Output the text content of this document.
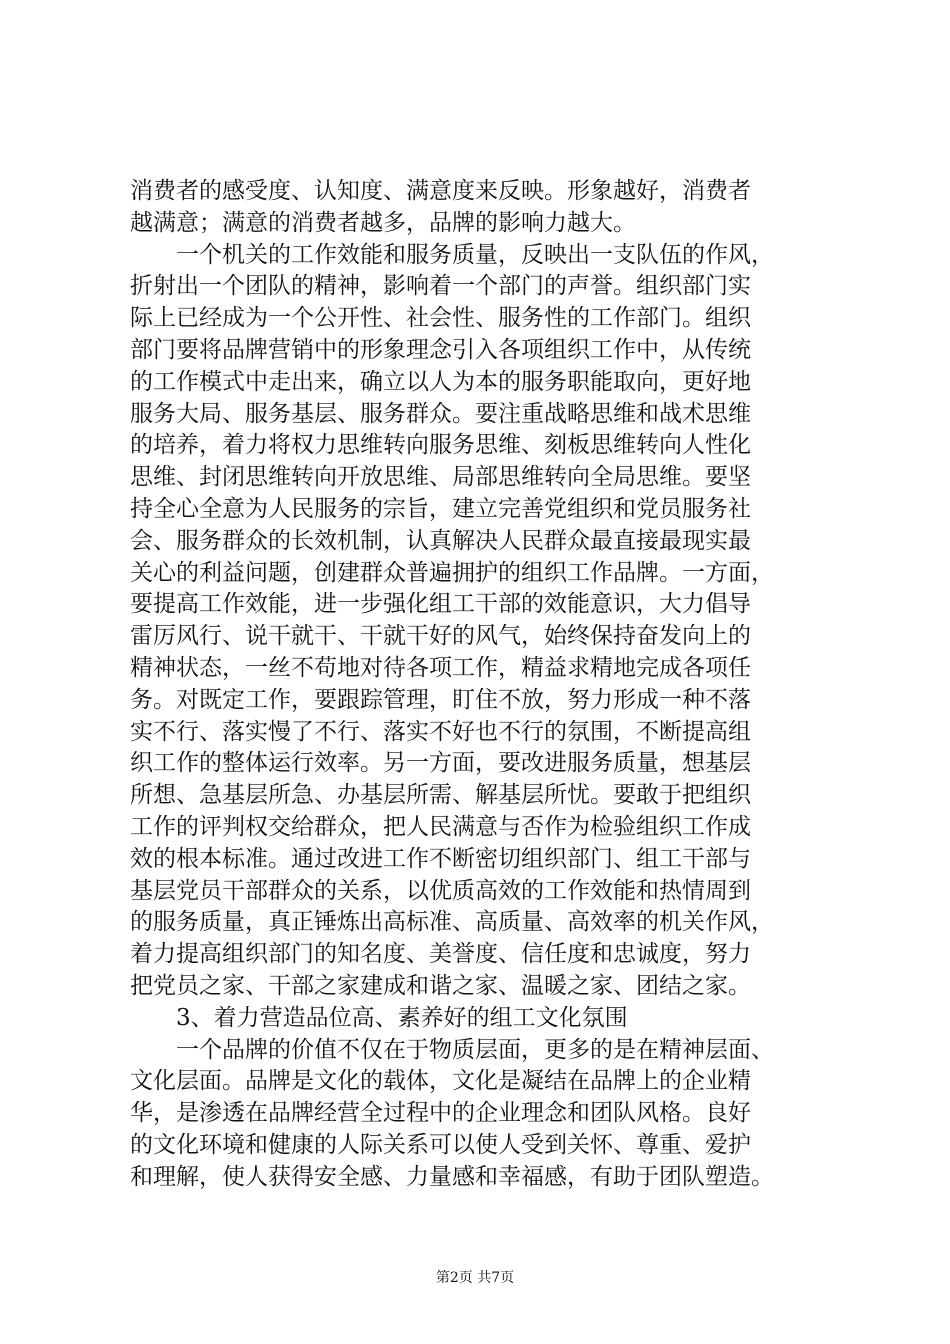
消费者的感受度、认知度、满意度来反映。形象越好，消费者
越满意；满意的消费者越多，品牌的影响力越大。
　　一个机关的工作效能和服务质量，反映出一支队伍的作风，
折射出一个团队的精神，影响着一个部门的声誉。组织部门实
际上已经成为一个公开性、社会性、服务性的工作部门。组织
部门要将品牌营销中的形象理念引入各项组织工作中，从传统
的工作模式中走出来，确立以人为本的服务职能取向，更好地
服务大局、服务基层、服务群众。要注重战略思维和战术思维
的培养，着力将权力思维转向服务思维、刻板思维转向人性化
思维、封闭思维转向开放思维、局部思维转向全局思维。要坚
持全心全意为人民服务的宗旨，建立完善党组织和党员服务社
会、服务群众的长效机制，认真解决人民群众最直接最现实最
关心的利益问题，创建群众普遍拥护的组织工作品牌。一方面，
要提高工作效能，进一步强化组工干部的效能意识，大力倡导
雷厉风行、说干就干、干就干好的风气，始终保持奋发向上的
精神状态，一丝不苟地对待各项工作，精益求精地完成各项任
务。对既定工作，要跟踪管理，盯住不放，努力形成一种不落
实不行、落实慢了不行、落实不好也不行的氛围，不断提高组
织工作的整体运行效率。另一方面，要改进服务质量，想基层
所想、急基层所急、办基层所需、解基层所忧。要敢于把组织
工作的评判权交给群众，把人民满意与否作为检验组织工作成
效的根本标准。通过改进工作不断密切组织部门、组工干部与
基层党员干部群众的关系，以优质高效的工作效能和热情周到
的服务质量，真正锤炼出高标准、高质量、高效率的机关作风，
着力提高组织部门的知名度、美誉度、信任度和忠诚度，努力
把党员之家、干部之家建成和谐之家、温暖之家、团结之家。
　　3、着力营造品位高、素养好的组工文化氛围
　　一个品牌的价值不仅在于物质层面，更多的是在精神层面、
文化层面。品牌是文化的载体，文化是凝结在品牌上的企业精
华，是渗透在品牌经营全过程中的企业理念和团队风格。良好
的文化环境和健康的人际关系可以使人受到关怀、尊重、爱护
和理解，使人获得安全感、力量感和幸福感，有助于团队塑造。
第2页 共7页
